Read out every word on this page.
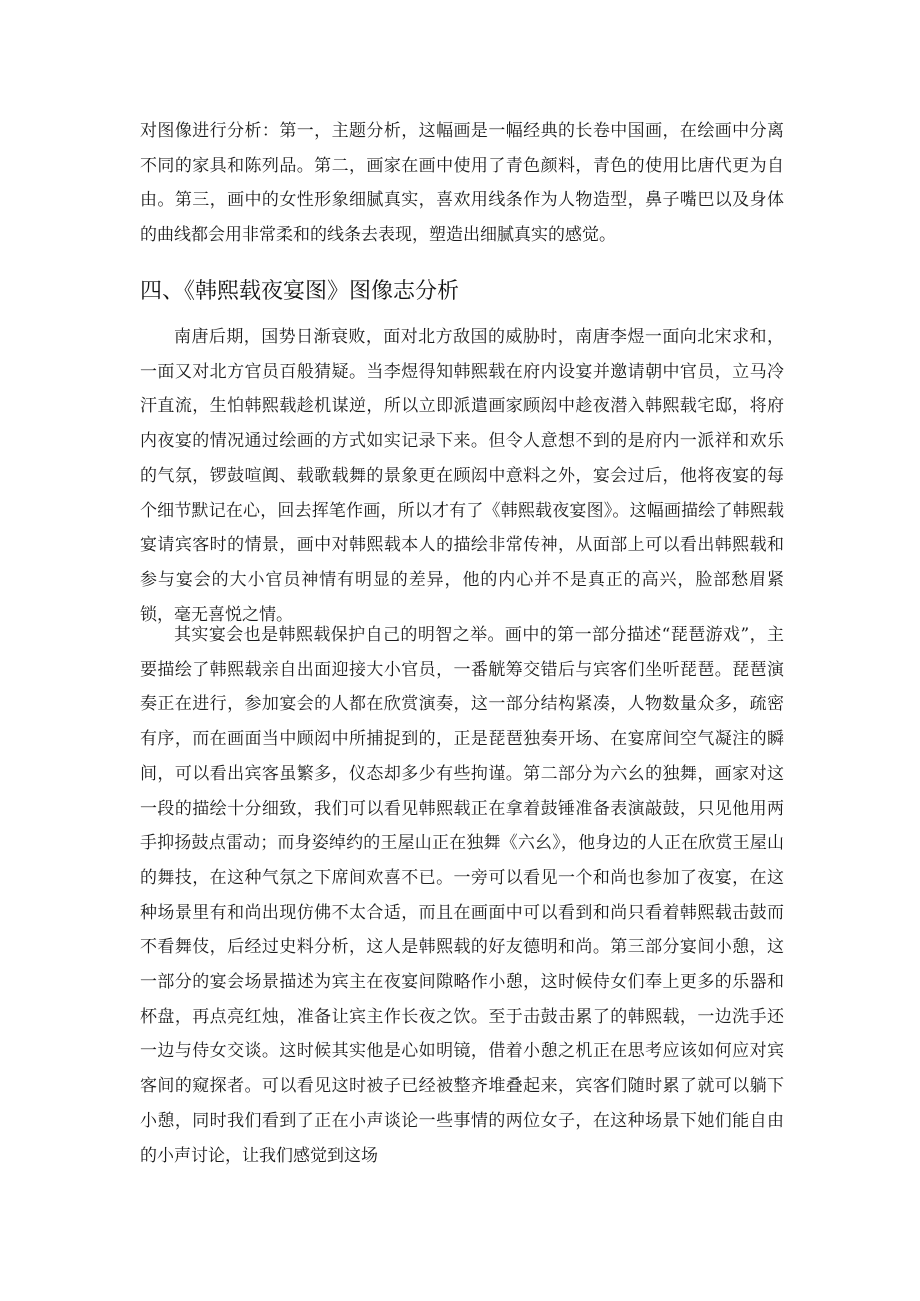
对图像进行分析：第一，主题分析，这幅画是一幅经典的长卷中国画，在绘画中分离不同的家具和陈列品。第二，画家在画中使用了青色颜料，青色的使用比唐代更为自由。第三，画中的女性形象细腻真实，喜欢用线条作为人物造型，鼻子嘴巴以及身体的曲线都会用非常柔和的线条去表现，塑造出细腻真实的感觉。

四、《韩熙载夜宴图》图像志分析

南唐后期，国势日渐衰败，面对北方敌国的威胁时，南唐李煜一面向北宋求和，一面又对北方官员百般猜疑。当李煜得知韩熙载在府内设宴并邀请朝中官员，立马冷汗直流，生怕韩熙载趁机谋逆，所以立即派遣画家顾闳中趁夜潜入韩熙载宅邸，将府内夜宴的情况通过绘画的方式如实记录下来。但令人意想不到的是府内一派祥和欢乐的气氛，锣鼓喧阗、载歌载舞的景象更在顾闳中意料之外，宴会过后，他将夜宴的每个细节默记在心，回去挥笔作画，所以才有了《韩熙载夜宴图》。这幅画描绘了韩熙载宴请宾客时的情景，画中对韩熙载本人的描绘非常传神，从面部上可以看出韩熙载和参与宴会的大小官员神情有明显的差异，他的内心并不是真正的高兴，脸部愁眉紧锁，毫无喜悦之情。

其实宴会也是韩熙载保护自己的明智之举。画中的第一部分描述“琵琶游戏”，主要描绘了韩熙载亲自出面迎接大小官员，一番觥筹交错后与宾客们坐听琵琶。琵琶演奏正在进行，参加宴会的人都在欣赏演奏，这一部分结构紧凑，人物数量众多，疏密有序，而在画面当中顾闳中所捕捉到的，正是琵琶独奏开场、在宴席间空气凝注的瞬间，可以看出宾客虽繁多，仪态却多少有些拘谨。第二部分为六幺的独舞，画家对这一段的描绘十分细致，我们可以看见韩熙载正在拿着鼓锤准备表演敲鼓，只见他用两手抑扬鼓点雷动；而身姿绰约的王屋山正在独舞《六幺》，他身边的人正在欣赏王屋山的舞技，在这种气氛之下席间欢喜不已。一旁可以看见一个和尚也参加了夜宴，在这种场景里有和尚出现仿佛不太合适，而且在画面中可以看到和尚只看着韩熙载击鼓而不看舞伎，后经过史料分析，这人是韩熙载的好友德明和尚。第三部分宴间小憩，这一部分的宴会场景描述为宾主在夜宴间隙略作小憩，这时候侍女们奉上更多的乐器和杯盘，再点亮红烛，准备让宾主作长夜之饮。至于击鼓击累了的韩熙载，一边洗手还一边与侍女交谈。这时候其实他是心如明镜，借着小憩之机正在思考应该如何应对宾客间的窥探者。可以看见这时被子已经被整齐堆叠起来，宾客们随时累了就可以躺下小憩，同时我们看到了正在小声谈论一些事情的两位女子，在这种场景下她们能自由的小声讨论，让我们感觉到这场
